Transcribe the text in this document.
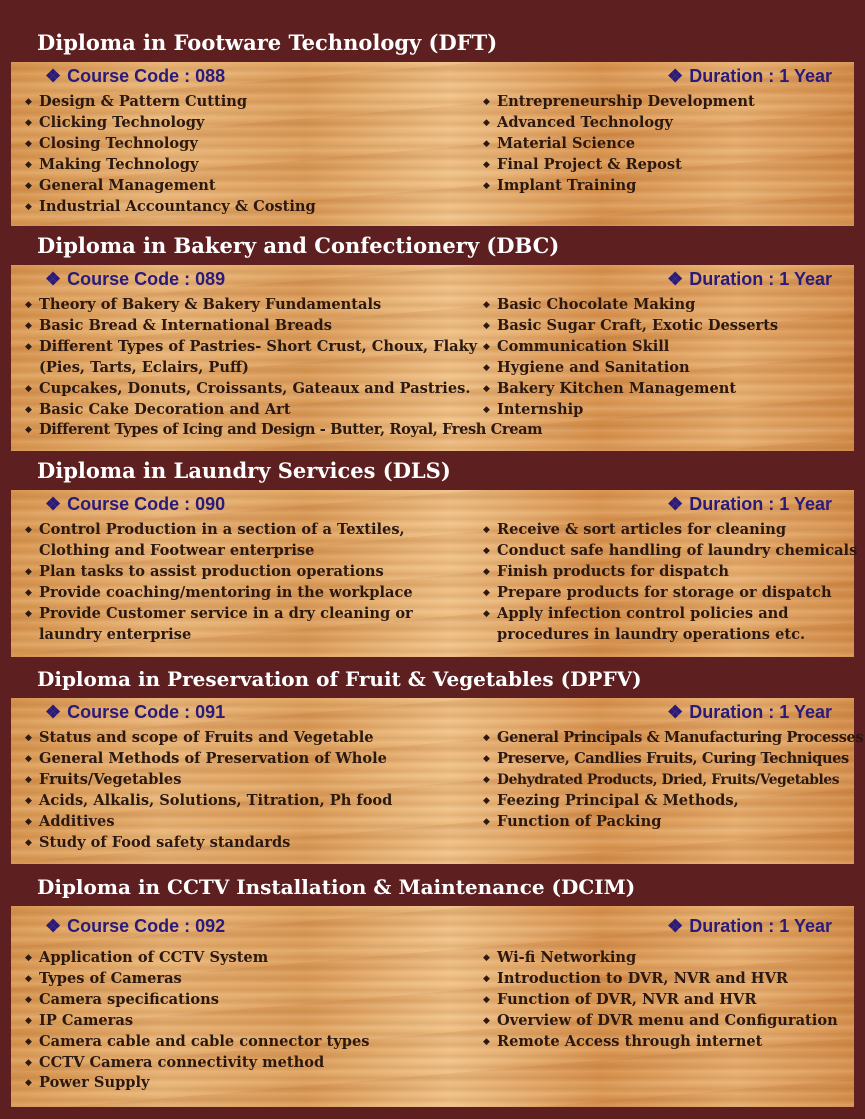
Diploma in Footware Technology (DFT)
❖ Course Code : 088	❖ Duration : 1 Year
◆ Design & Pattern Cutting
◆ Clicking Technology
◆ Closing Technology
◆ Making Technology
◆ General Management
◆ Industrial Accountancy & Costing
◆ Entrepreneurship Development
◆ Advanced Technology
◆ Material Science
◆ Final Project & Repost
◆ Implant Training
Diploma in Bakery and Confectionery (DBC)
❖ Course Code : 089	❖ Duration : 1 Year
◆ Theory of Bakery & Bakery Fundamentals
◆ Basic Bread & International Breads
◆ Different Types of Pastries- Short Crust, Choux, Flaky
(Pies, Tarts, Eclairs, Puff)
◆ Cupcakes, Donuts, Croissants, Gateaux and Pastries.
◆ Basic Cake Decoration and Art
◆ Different Types of Icing and Design - Butter, Royal, Fresh Cream
◆ Basic Chocolate Making
◆ Basic Sugar Craft, Exotic Desserts
◆ Communication Skill
◆ Hygiene and Sanitation
◆ Bakery Kitchen Management
◆ Internship
Diploma in Laundry Services (DLS)
❖ Course Code : 090	❖ Duration : 1 Year
◆ Control Production in a section of a Textiles,
Clothing and Footwear enterprise
◆ Plan tasks to assist production operations
◆ Provide coaching/mentoring in the workplace
◆ Provide Customer service in a dry cleaning or
laundry enterprise
◆ Receive & sort articles for cleaning
◆ Conduct safe handling of laundry chemicals
◆ Finish products for dispatch
◆ Prepare products for storage or dispatch
◆ Apply infection control policies and
procedures in laundry operations etc.
Diploma in Preservation of Fruit & Vegetables (DPFV)
❖ Course Code : 091	❖ Duration : 1 Year
◆ Status and scope of Fruits and Vegetable
◆ General Methods of Preservation of Whole
◆ Fruits/Vegetables
◆ Acids, Alkalis, Solutions, Titration, Ph food
◆ Additives
◆ Study of Food safety standards
◆ General Principals & Manufacturing Processes
◆ Preserve, Candlies Fruits, Curing Techniques
◆ Dehydrated Products, Dried, Fruits/Vegetables
◆ Feezing Principal & Methods,
◆ Function of Packing
Diploma in CCTV Installation & Maintenance (DCIM)
❖ Course Code : 092	❖ Duration : 1 Year
◆ Application of CCTV System
◆ Types of Cameras
◆ Camera specifications
◆ IP Cameras
◆ Camera cable and cable connector types
◆ CCTV Camera connectivity method
◆ Power Supply
◆ Wi-fi Networking
◆ Introduction to DVR, NVR and HVR
◆ Function of DVR, NVR and HVR
◆ Overview of DVR menu and Configuration
◆ Remote Access through internet
